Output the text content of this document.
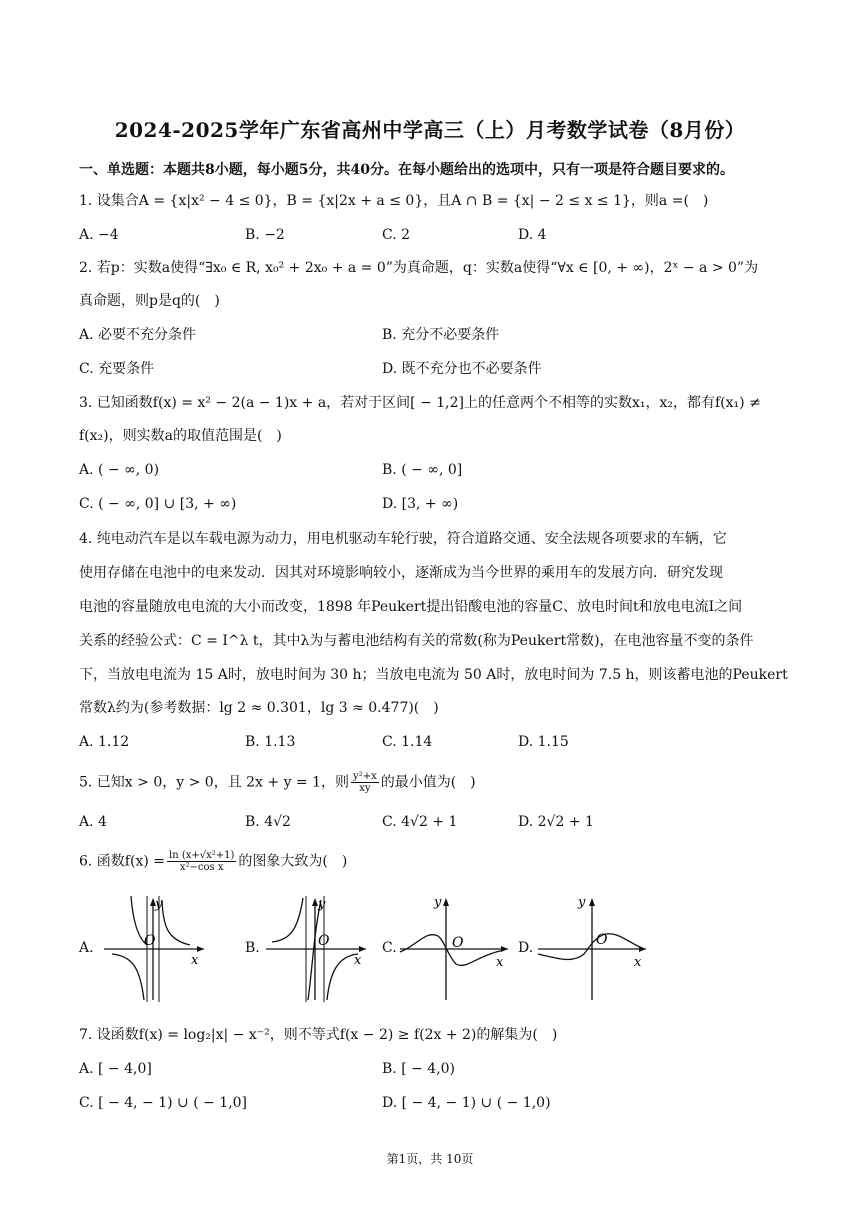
2024-2025学年广东省高州中学高三（上）月考数学试卷（8月份）
一、单选题：本题共8小题，每小题5分，共40分。在每小题给出的选项中，只有一项是符合题目要求的。
1. 设集合A = {x|x² − 4 ≤ 0}，B = {x|2x + a ≤ 0}，且A ∩ B = {x| − 2 ≤ x ≤ 1}，则a =(　)
A. −4	B. −2	C. 2	D. 4
2. 若p：实数a使得“∃x₀ ∈ R, x₀² + 2x₀ + a = 0”为真命题，q：实数a使得“∀x ∈ [0, + ∞)，2ˣ − a > 0”为
真命题，则p是q的(　)
A. 必要不充分条件	B. 充分不必要条件
C. 充要条件	D. 既不充分也不必要条件
3. 已知函数f(x) = x² − 2(a − 1)x + a，若对于区间[ − 1,2]上的任意两个不相等的实数x₁，x₂，都有f(x₁) ≠
f(x₂)，则实数a的取值范围是(　)
A. ( − ∞, 0)	B. ( − ∞, 0]
C. ( − ∞, 0] ∪ [3, + ∞)	D. [3, + ∞)
4. 纯电动汽车是以车载电源为动力，用电机驱动车轮行驶，符合道路交通、安全法规各项要求的车辆，它
使用存储在电池中的电来发动．因其对环境影响较小，逐渐成为当今世界的乘用车的发展方向．研究发现
电池的容量随放电电流的大小而改变，1898 年Peukert提出铅酸电池的容量C、放电时间t和放电电流I之间
关系的经验公式：C = I^λ t，其中λ为与蓄电池结构有关的常数(称为Peukert常数)，在电池容量不变的条件
下，当放电电流为 15 A时，放电时间为 30 h；当放电电流为 50 A时，放电时间为 7.5 h，则该蓄电池的Peukert
常数λ约为(参考数据：lg 2 ≈ 0.301，lg 3 ≈ 0.477)(　)
A. 1.12	B. 1.13	C. 1.14	D. 1.15
5. 已知x > 0，y > 0，且 2x + y = 1，则 $\frac{\text{y²+x}}{xy}$ 的最小值为(　)
A. 4	B. 4√2	C. 4√2 + 1	D. 2√2 + 1
6. 函数$f(x) = \frac{\text{ln (x+√x²+1)}}{\text{x²−cos x}}$ 的图象大致为(　)
A.	B.	C.	D.
y
x
O
y
x
O
y
x
O
y
x
O
7. 设函数f(x) = log₂|x| − x⁻²，则不等式f(x − 2) ≥ f(2x + 2)的解集为(　)
A. [ − 4,0]	B. [ − 4,0)
C. [ − 4, − 1) ∪ ( − 1,0]	D. [ − 4, − 1) ∪ ( − 1,0)
第1页，共 10页
